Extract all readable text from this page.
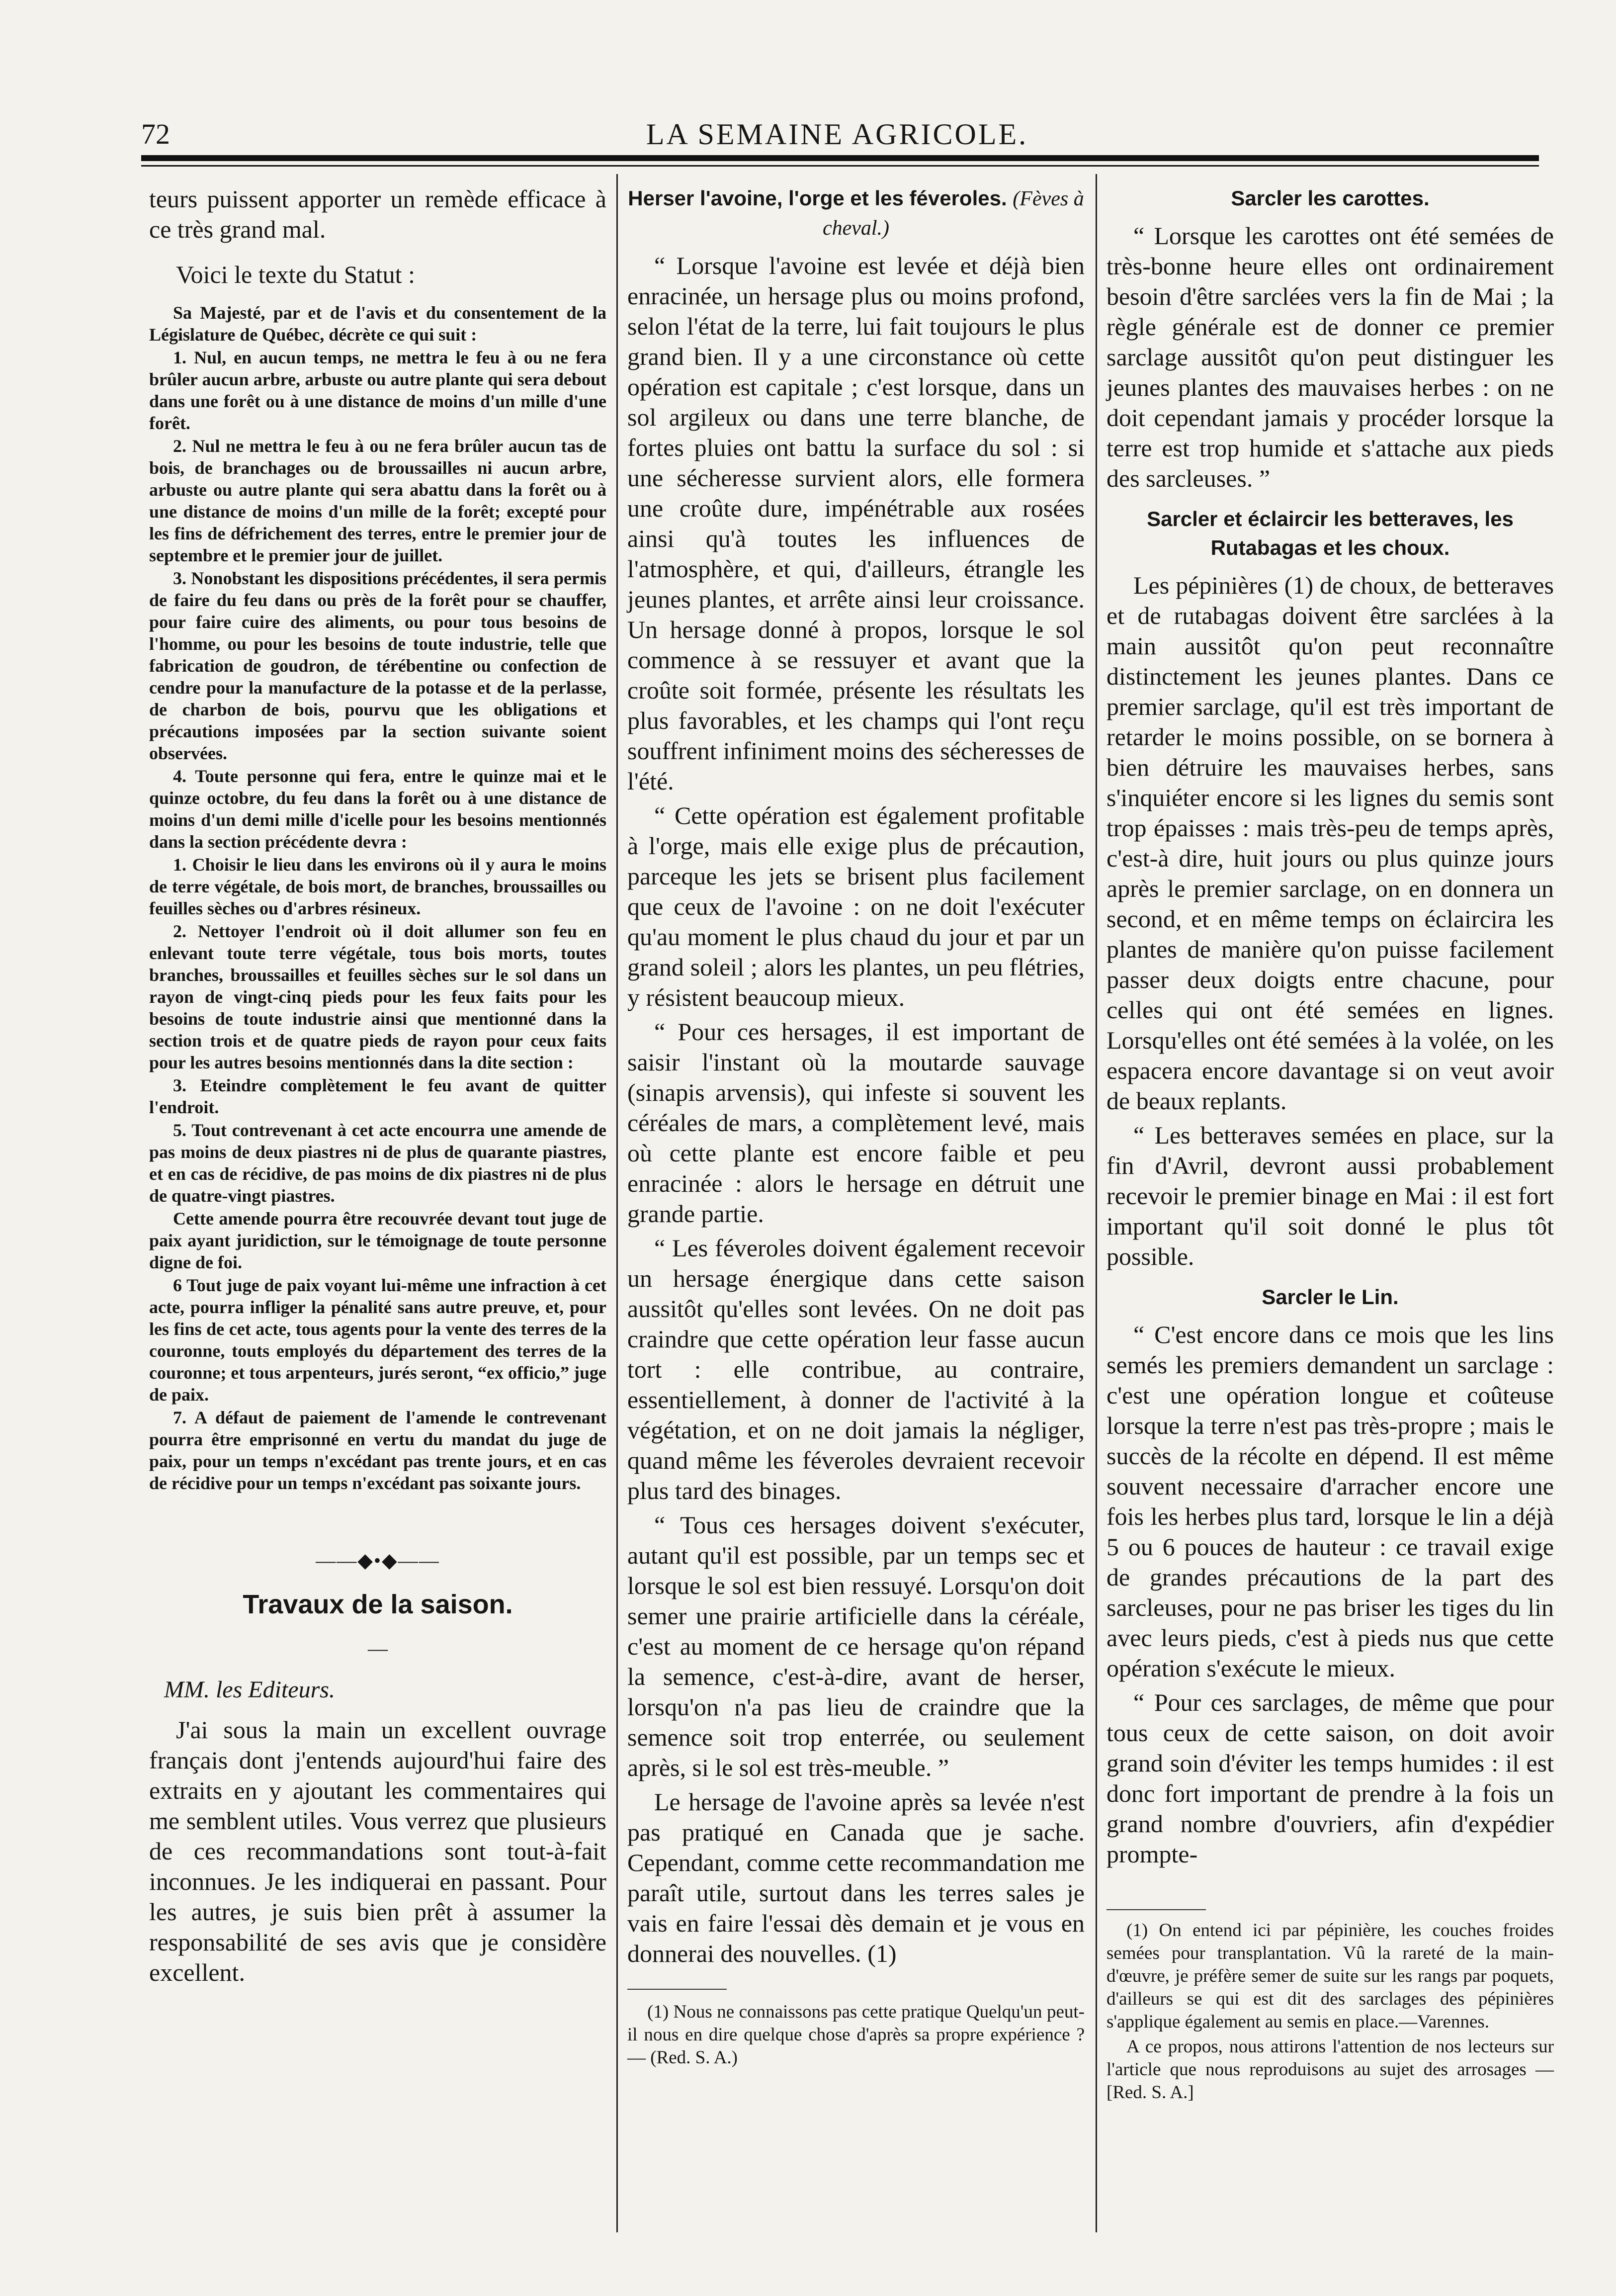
72	LA SEMAINE AGRICOLE.

teurs puissent apporter un remède efficace à ce très grand mal.

Voici le texte du Statut :

Sa Majesté, par et de l'avis et du consentement de la Législature de Québec, décrète ce qui suit :

1. Nul, en aucun temps, ne mettra le feu à ou ne fera brûler aucun arbre, arbuste ou autre plante qui sera debout dans une forêt ou à une distance de moins d'un mille d'une forêt.

2. Nul ne mettra le feu à ou ne fera brûler aucun tas de bois, de branchages ou de broussailles ni aucun arbre, arbuste ou autre plante qui sera abattu dans la forêt ou à une distance de moins d'un mille de la forêt; excepté pour les fins de défrichement des terres, entre le premier jour de septembre et le premier jour de juillet.

3. Nonobstant les dispositions précédentes, il sera permis de faire du feu dans ou près de la forêt pour se chauffer, pour faire cuire des aliments, ou pour tous besoins de l'homme, ou pour les besoins de toute industrie, telle que fabrication de goudron, de térébentine ou confection de cendre pour la manufacture de la potasse et de la perlasse, de charbon de bois, pourvu que les obligations et précautions imposées par la section suivante soient observées.

4. Toute personne qui fera, entre le quinze mai et le quinze octobre, du feu dans la forêt ou à une distance de moins d'un demi mille d'icelle pour les besoins mentionnés dans la section précédente devra :

1. Choisir le lieu dans les environs où il y aura le moins de terre végétale, de bois mort, de branches, broussailles ou feuilles sèches ou d'arbres résineux.

2. Nettoyer l'endroit où il doit allumer son feu en enlevant toute terre végétale, tous bois morts, toutes branches, broussailles et feuilles sèches sur le sol dans un rayon de vingt-cinq pieds pour les feux faits pour les besoins de toute industrie ainsi que mentionné dans la section trois et de quatre pieds de rayon pour ceux faits pour les autres besoins mentionnés dans la dite section :

3. Eteindre complètement le feu avant de quitter l'endroit.

5. Tout contrevenant à cet acte encourra une amende de pas moins de deux piastres ni de plus de quarante piastres, et en cas de récidive, de pas moins de dix piastres ni de plus de quatre-vingt piastres.

Cette amende pourra être recouvrée devant tout juge de paix ayant juridiction, sur le témoignage de toute personne digne de foi.

6 Tout juge de paix voyant lui-même une infraction à cet acte, pourra infliger la pénalité sans autre preuve, et, pour les fins de cet acte, tous agents pour la vente des terres de la couronne, touts employés du département des terres de la couronne; et tous arpenteurs, jurés seront, “ex officio,” juge de paix.

7. A défaut de paiement de l'amende le contrevenant pourra être emprisonné en vertu du mandat du juge de paix, pour un temps n'excédant pas trente jours, et en cas de récidive pour un temps n'excédant pas soixante jours.

——◆•◆——
Travaux de la saison.
—
MM. les Editeurs.

J'ai sous la main un excellent ouvrage français dont j'entends aujourd'hui faire des extraits en y ajoutant les commentaires qui me semblent utiles. Vous verrez que plusieurs de ces recommandations sont tout-à-fait inconnues. Je les indiquerai en passant. Pour les autres, je suis bien prêt à assumer la responsabilité de ses avis que je considère excellent.

Herser l'avoine, l'orge et les féveroles. (Fèves à cheval.)

“ Lorsque l'avoine est levée et déjà bien enracinée, un hersage plus ou moins profond, selon l'état de la terre, lui fait toujours le plus grand bien. Il y a une circonstance où cette opération est capitale ; c'est lorsque, dans un sol argileux ou dans une terre blanche, de fortes pluies ont battu la surface du sol : si une sécheresse survient alors, elle formera une croûte dure, impénétrable aux rosées ainsi qu'à toutes les influences de l'atmosphère, et qui, d'ailleurs, étrangle les jeunes plantes, et arrête ainsi leur croissance. Un hersage donné à propos, lorsque le sol commence à se ressuyer et avant que la croûte soit formée, présente les résultats les plus favorables, et les champs qui l'ont reçu souffrent infiniment moins des sécheresses de l'été.

“ Cette opération est également profitable à l'orge, mais elle exige plus de précaution, parceque les jets se brisent plus facilement que ceux de l'avoine : on ne doit l'exécuter qu'au moment le plus chaud du jour et par un grand soleil ; alors les plantes, un peu flétries, y résistent beaucoup mieux.

“ Pour ces hersages, il est important de saisir l'instant où la moutarde sauvage (sinapis arvensis), qui infeste si souvent les céréales de mars, a complètement levé, mais où cette plante est encore faible et peu enracinée : alors le hersage en détruit une grande partie.

“ Les féveroles doivent également recevoir un hersage énergique dans cette saison aussitôt qu'elles sont levées. On ne doit pas craindre que cette opération leur fasse aucun tort : elle contribue, au contraire, essentiellement, à donner de l'activité à la végétation, et on ne doit jamais la négliger, quand même les féveroles devraient recevoir plus tard des binages.

“ Tous ces hersages doivent s'exécuter, autant qu'il est possible, par un temps sec et lorsque le sol est bien ressuyé. Lorsqu'on doit semer une prairie artificielle dans la céréale, c'est au moment de ce hersage qu'on répand la semence, c'est-à-dire, avant de herser, lorsqu'on n'a pas lieu de craindre que la semence soit trop enterrée, ou seulement après, si le sol est très-meuble. ”

Le hersage de l'avoine après sa levée n'est pas pratiqué en Canada que je sache. Cependant, comme cette recommandation me paraît utile, surtout dans les terres sales je vais en faire l'essai dès demain et je vous en donnerai des nouvelles. (1)

(1) Nous ne connaissons pas cette pratique Quelqu'un peut-il nous en dire quelque chose d'après sa propre expérience ? — (Red. S. A.)

Sarcler les carottes.

“ Lorsque les carottes ont été semées de très-bonne heure elles ont ordinairement besoin d'être sarclées vers la fin de Mai ; la règle générale est de donner ce premier sarclage aussitôt qu'on peut distinguer les jeunes plantes des mauvaises herbes : on ne doit cependant jamais y procéder lorsque la terre est trop humide et s'attache aux pieds des sarcleuses. ”

Sarcler et éclaircir les betteraves, les Rutabagas et les choux.

Les pépinières (1) de choux, de betteraves et de rutabagas doivent être sarclées à la main aussitôt qu'on peut reconnaître distinctement les jeunes plantes. Dans ce premier sarclage, qu'il est très important de retarder le moins possible, on se bornera à bien détruire les mauvaises herbes, sans s'inquiéter encore si les lignes du semis sont trop épaisses : mais très-peu de temps après, c'est-à dire, huit jours ou plus quinze jours après le premier sarclage, on en donnera un second, et en même temps on éclaircira les plantes de manière qu'on puisse facilement passer deux doigts entre chacune, pour celles qui ont été semées en lignes. Lorsqu'elles ont été semées à la volée, on les espacera encore davantage si on veut avoir de beaux replants.

“ Les betteraves semées en place, sur la fin d'Avril, devront aussi probablement recevoir le premier binage en Mai : il est fort important qu'il soit donné le plus tôt possible.

Sarcler le Lin.

“ C'est encore dans ce mois que les lins semés les premiers demandent un sarclage : c'est une opération longue et coûteuse lorsque la terre n'est pas très-propre ; mais le succès de la récolte en dépend. Il est même souvent necessaire d'arracher encore une fois les herbes plus tard, lorsque le lin a déjà 5 ou 6 pouces de hauteur : ce travail exige de grandes précautions de la part des sarcleuses, pour ne pas briser les tiges du lin avec leurs pieds, c'est à pieds nus que cette opération s'exécute le mieux.

“ Pour ces sarclages, de même que pour tous ceux de cette saison, on doit avoir grand soin d'éviter les temps humides : il est donc fort important de prendre à la fois un grand nombre d'ouvriers, afin d'expédier prompte-

(1) On entend ici par pépinière, les couches froides semées pour transplantation. Vû la rareté de la main-d'œuvre, je préfère semer de suite sur les rangs par poquets, d'ailleurs se qui est dit des sarclages des pépinières s'applique également au semis en place.—Varennes.

A ce propos, nous attirons l'attention de nos lecteurs sur l'article que nous reproduisons au sujet des arrosages —[Red. S. A.]
